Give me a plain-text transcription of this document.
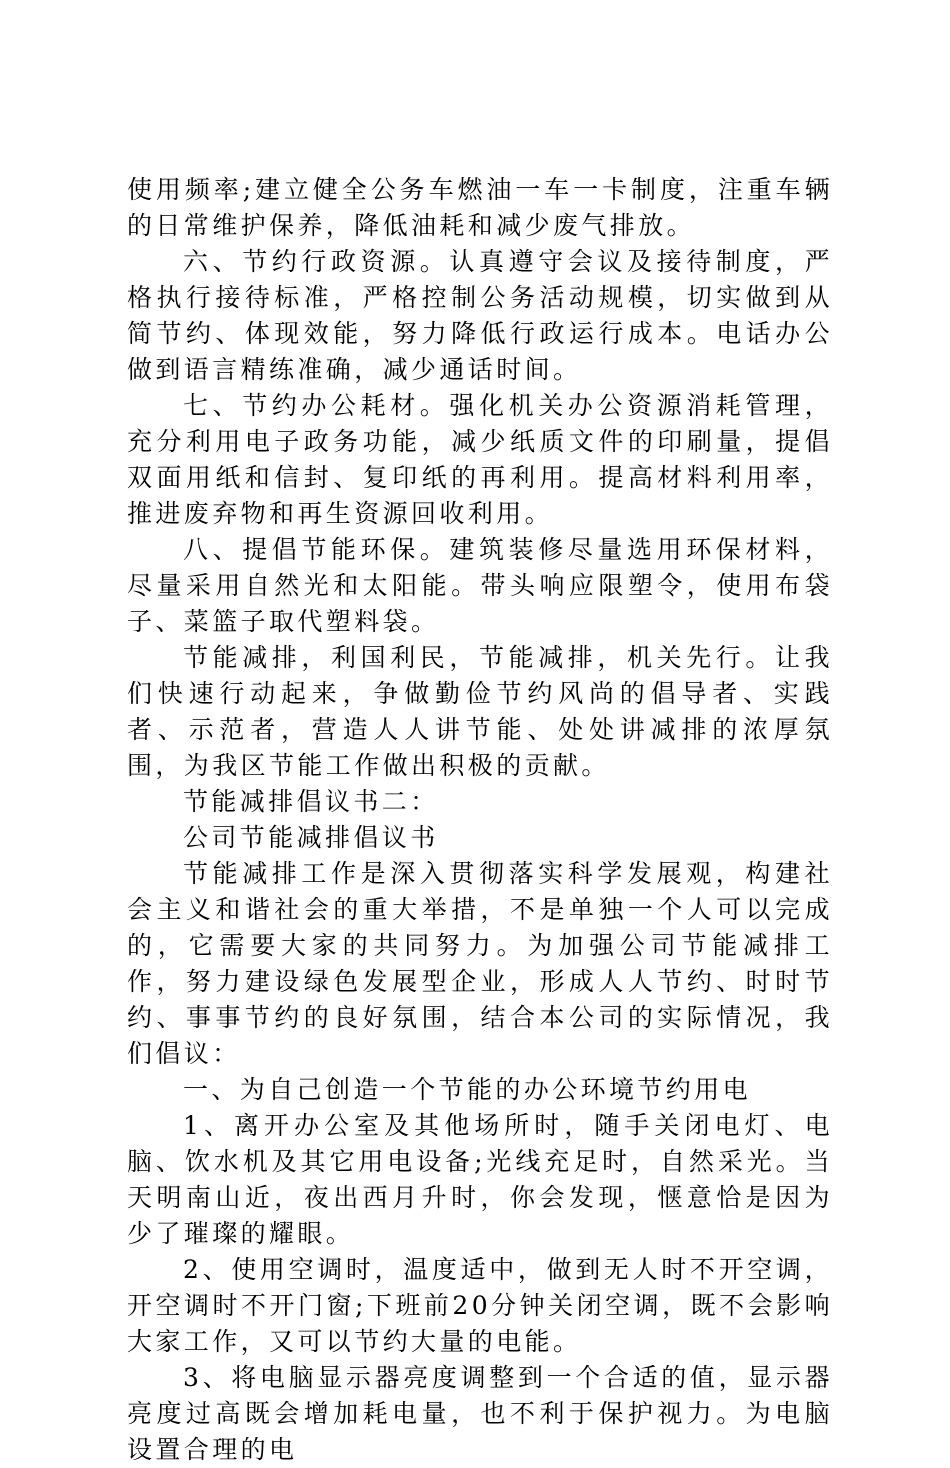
使用频率;建立健全公务车燃油一车一卡制度，注重车辆的日常维护保养，降低油耗和减少废气排放。

六、节约行政资源。认真遵守会议及接待制度，严格执行接待标准，严格控制公务活动规模，切实做到从简节约、体现效能，努力降低行政运行成本。电话办公做到语言精练准确，减少通话时间。

七、节约办公耗材。强化机关办公资源消耗管理，充分利用电子政务功能，减少纸质文件的印刷量，提倡双面用纸和信封、复印纸的再利用。提高材料利用率，推进废弃物和再生资源回收利用。

八、提倡节能环保。建筑装修尽量选用环保材料，尽量采用自然光和太阳能。带头响应限塑令，使用布袋子、菜篮子取代塑料袋。

节能减排，利国利民，节能减排，机关先行。让我们快速行动起来，争做勤俭节约风尚的倡导者、实践者、示范者，营造人人讲节能、处处讲减排的浓厚氛围，为我区节能工作做出积极的贡献。

节能减排倡议书二：

公司节能减排倡议书

节能减排工作是深入贯彻落实科学发展观，构建社会主义和谐社会的重大举措，不是单独一个人可以完成的，它需要大家的共同努力。为加强公司节能减排工作，努力建设绿色发展型企业，形成人人节约、时时节约、事事节约的良好氛围，结合本公司的实际情况，我们倡议：

一、为自己创造一个节能的办公环境节约用电

1、离开办公室及其他场所时，随手关闭电灯、电脑、饮水机及其它用电设备;光线充足时，自然采光。当天明南山近，夜出西月升时，你会发现，惬意恰是因为少了璀璨的耀眼。

2、使用空调时，温度适中，做到无人时不开空调，开空调时不开门窗;下班前20分钟关闭空调，既不会影响大家工作，又可以节约大量的电能。

3、将电脑显示器亮度调整到一个合适的值，显示器亮度过高既会增加耗电量，也不利于保护视力。为电脑设置合理的电
